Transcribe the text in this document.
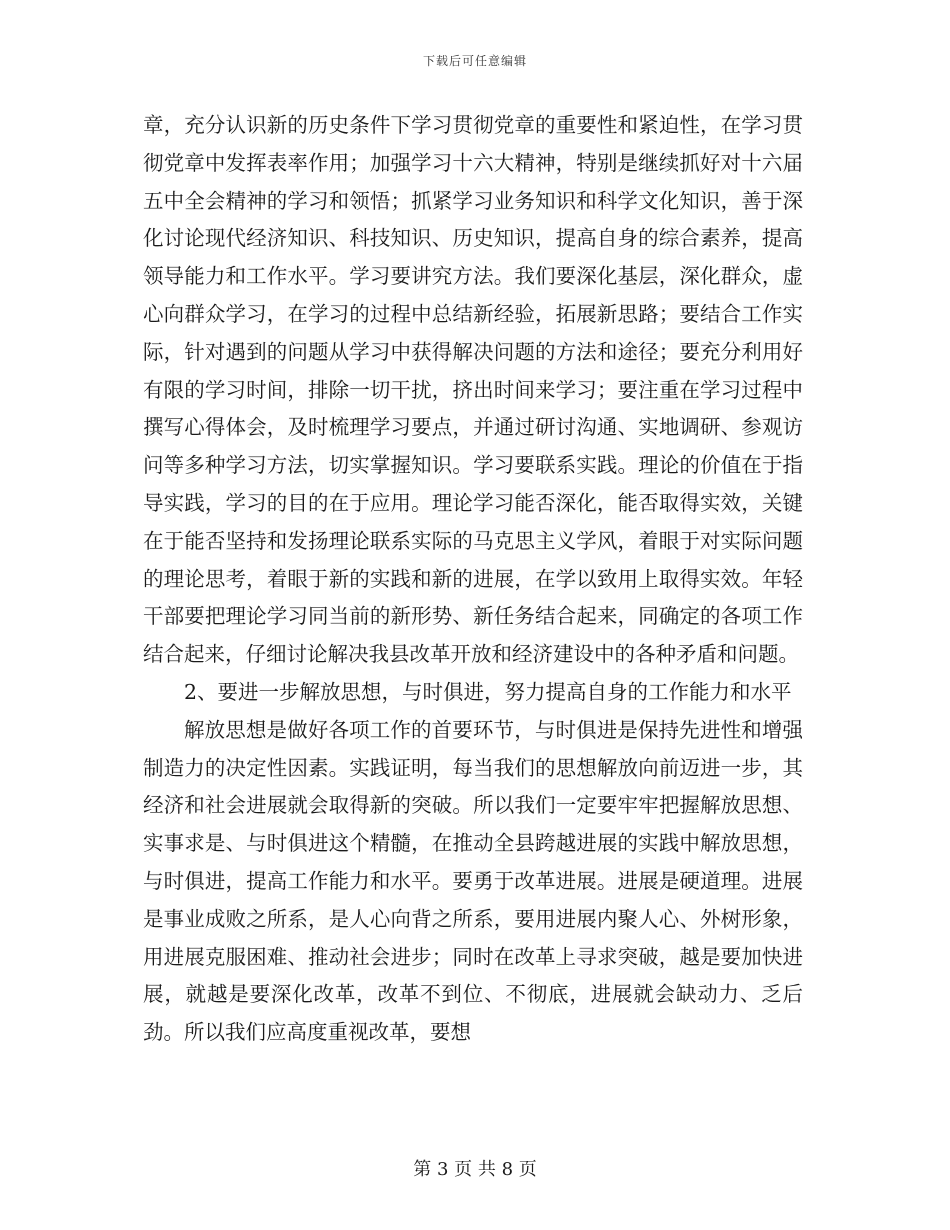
下载后可任意编辑

章，充分认识新的历史条件下学习贯彻党章的重要性和紧迫性，在学习贯彻党章中发挥表率作用；加强学习十六大精神，特别是继续抓好对十六届五中全会精神的学习和领悟；抓紧学习业务知识和科学文化知识，善于深化讨论现代经济知识、科技知识、历史知识，提高自身的综合素养，提高领导能力和工作水平。学习要讲究方法。我们要深化基层，深化群众，虚心向群众学习，在学习的过程中总结新经验，拓展新思路；要结合工作实际，针对遇到的问题从学习中获得解决问题的方法和途径；要充分利用好有限的学习时间，排除一切干扰，挤出时间来学习；要注重在学习过程中撰写心得体会，及时梳理学习要点，并通过研讨沟通、实地调研、参观访问等多种学习方法，切实掌握知识。学习要联系实践。理论的价值在于指导实践，学习的目的在于应用。理论学习能否深化，能否取得实效，关键在于能否坚持和发扬理论联系实际的马克思主义学风，着眼于对实际问题的理论思考，着眼于新的实践和新的进展，在学以致用上取得实效。年轻干部要把理论学习同当前的新形势、新任务结合起来，同确定的各项工作结合起来，仔细讨论解决我县改革开放和经济建设中的各种矛盾和问题。

2、要进一步解放思想，与时俱进，努力提高自身的工作能力和水平

解放思想是做好各项工作的首要环节，与时俱进是保持先进性和增强制造力的决定性因素。实践证明，每当我们的思想解放向前迈进一步，其经济和社会进展就会取得新的突破。所以我们一定要牢牢把握解放思想、实事求是、与时俱进这个精髓，在推动全县跨越进展的实践中解放思想，与时俱进，提高工作能力和水平。要勇于改革进展。进展是硬道理。进展是事业成败之所系，是人心向背之所系，要用进展内聚人心、外树形象，用进展克服困难、推动社会进步；同时在改革上寻求突破，越是要加快进展，就越是要深化改革，改革不到位、不彻底，进展就会缺动力、乏后劲。所以我们应高度重视改革，要想

第 3 页 共 8 页
